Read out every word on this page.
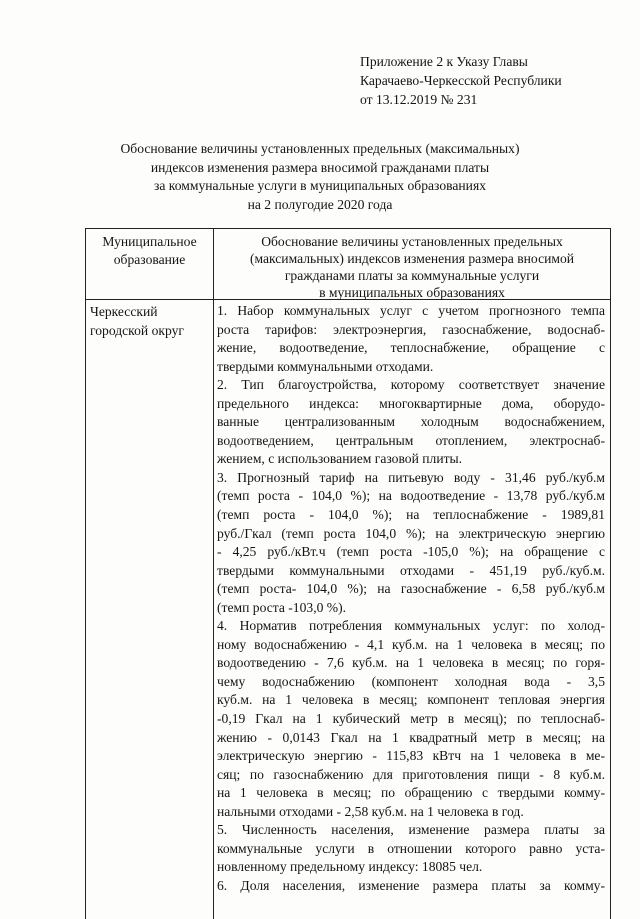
Приложение 2 к Указу Главы
Карачаево-Черкесской Республики
от 13.12.2019 № 231
Обоснование величины установленных предельных (максимальных)
индексов изменения размера вносимой гражданами платы
за коммунальные услуги в муниципальных образованиях
на 2 полугодие 2020 года
Муниципальное образование
Обоснование величины установленных предельных
(максимальных) индексов изменения размера вносимой
гражданами платы за коммунальные услуги
в муниципальных образованиях
Черкесский
городской округ
1. Набор коммунальных услуг с учетом прогнозного темпа
роста тарифов: электроэнергия, газоснабжение, водоснаб-
жение, водоотведение, теплоснабжение, обращение с
твердыми коммунальными отходами.
2. Тип благоустройства, которому соответствует значение
предельного индекса: многоквартирные дома, оборудо-
ванные централизованным холодным водоснабжением,
водоотведением, центральным отоплением, электроснаб-
жением, с использованием газовой плиты.
3. Прогнозный тариф на питьевую воду - 31,46 руб./куб.м
(темп роста - 104,0 %); на водоотведение - 13,78 руб./куб.м
(темп роста - 104,0 %); на теплоснабжение - 1989,81
руб./Гкал (темп роста 104,0 %); на электрическую энергию
- 4,25 руб./кВт.ч (темп роста -105,0 %); на обращение с
твердыми коммунальными отходами - 451,19 руб./куб.м.
(темп роста- 104,0 %); на газоснабжение - 6,58 руб./куб.м
(темп роста -103,0 %).
4. Норматив потребления коммунальных услуг: по холод-
ному водоснабжению - 4,1 куб.м. на 1 человека в месяц; по
водоотведению - 7,6 куб.м. на 1 человека в месяц; по горя-
чему водоснабжению (компонент холодная вода - 3,5
куб.м. на 1 человека в месяц; компонент тепловая энергия
-0,19 Гкал на 1 кубический метр в месяц); по теплоснаб-
жению - 0,0143 Гкал на 1 квадратный метр в месяц; на
электрическую энергию - 115,83 кВтч на 1 человека в ме-
сяц; по газоснабжению для приготовления пищи - 8 куб.м.
на 1 человека в месяц; по обращению с твердыми комму-
нальными отходами - 2,58 куб.м. на 1 человека в год.
5. Численность населения, изменение размера платы за
коммунальные услуги в отношении которого равно уста-
новленному предельному индексу: 18085 чел.
6. Доля населения, изменение размера платы за комму-
